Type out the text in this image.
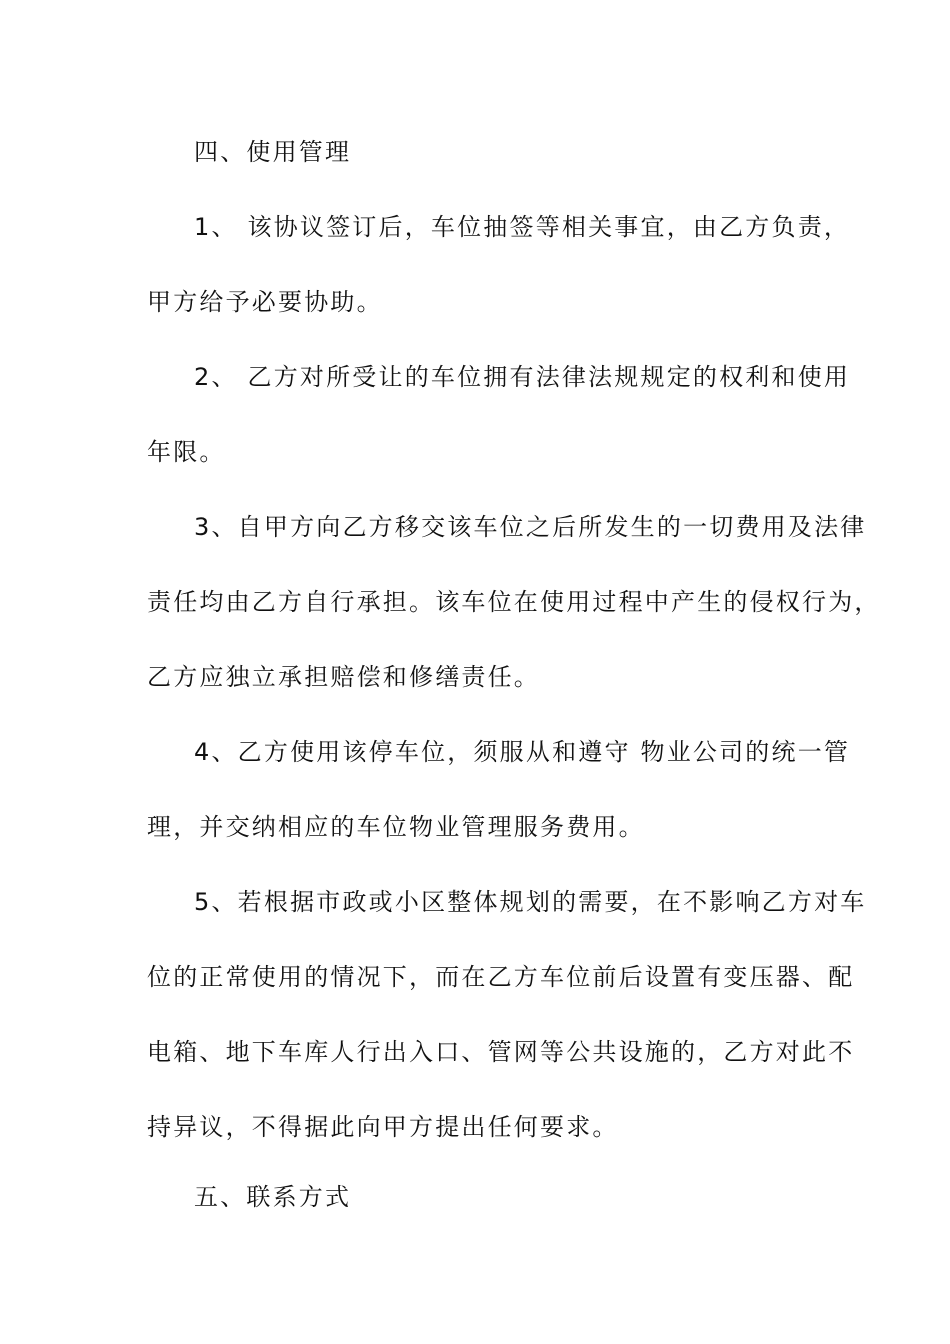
四、使用管理
1、 该协议签订后，车位抽签等相关事宜，由乙方负责，
甲方给予必要协助。
2、 乙方对所受让的车位拥有法律法规规定的权利和使用
年限。
3、自甲方向乙方移交该车位之后所发生的一切费用及法律
责任均由乙方自行承担。该车位在使用过程中产生的侵权行为，
乙方应独立承担赔偿和修缮责任。
4、乙方使用该停车位，须服从和遵守 物业公司的统一管
理，并交纳相应的车位物业管理服务费用。
5、若根据市政或小区整体规划的需要，在不影响乙方对车
位的正常使用的情况下，而在乙方车位前后设置有变压器、配
电箱、地下车库人行出入口、管网等公共设施的，乙方对此不
持异议，不得据此向甲方提出任何要求。
五、联系方式
